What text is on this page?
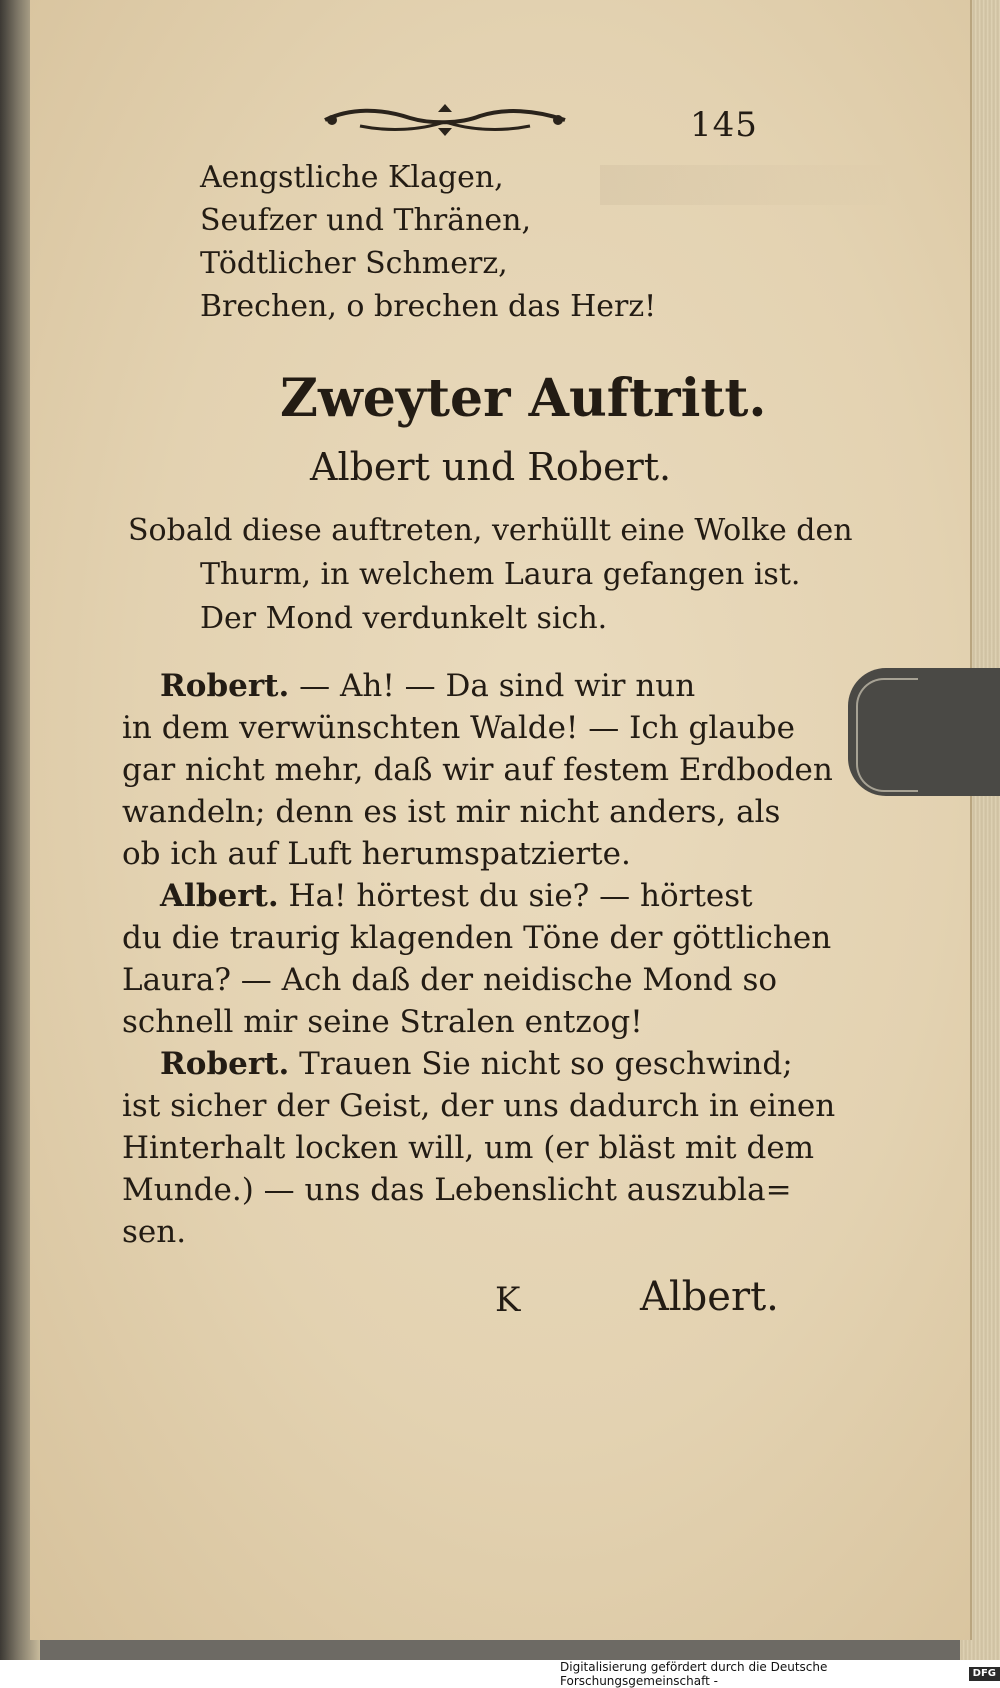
145
Aengstliche Klagen,
Seufzer und Thränen,
Tödtlicher Schmerz,
Brechen, o brechen das Herz!
Zweyter Auftritt.
Albert und Robert.
Sobald diese auftreten, verhüllt eine Wolke den
Thurm, in welchem Laura gefangen ist.
Der Mond verdunkelt sich.
Robert. — Ah! — Da sind wir nun
in dem verwünschten Walde! — Ich glaube
gar nicht mehr, daß wir auf festem Erdboden
wandeln; denn es ist mir nicht anders, als
ob ich auf Luft herumspatzierte.
Albert. Ha! hörtest du sie? — hörtest
du die traurig klagenden Töne der göttlichen
Laura? — Ach daß der neidische Mond so
schnell mir seine Stralen entzog!
Robert. Trauen Sie nicht so geschwind;
ist sicher der Geist, der uns dadurch in einen
Hinterhalt locken will, um (er bläst mit dem
Munde.) — uns das Lebenslicht auszubla=
sen.
K	Albert.
Digitalisierung gefördert durch die Deutsche Forschungsgemeinschaft -
DFG
